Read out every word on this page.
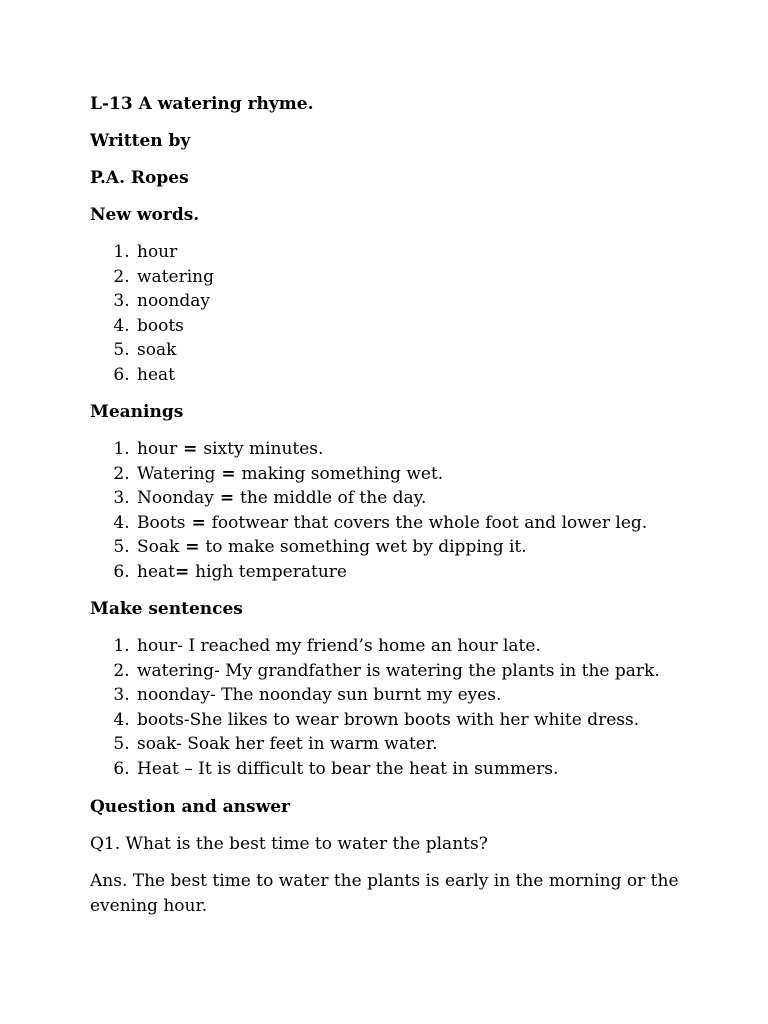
L-13 A watering rhyme.
Written by
P.A. Ropes
New words.
1. hour
2. watering
3. noonday
4. boots
5. soak
6. heat
Meanings
1. hour = sixty minutes.
2. Watering = making something wet.
3. Noonday = the middle of the day.
4. Boots = footwear that covers the whole foot and lower leg.
5. Soak = to make something wet by dipping it.
6. heat= high temperature
Make sentences
1. hour- I reached my friend’s home an hour late.
2. watering- My grandfather is watering the plants in the park.
3. noonday- The noonday sun burnt my eyes.
4. boots-She likes to wear brown boots with her white dress.
5. soak- Soak her feet in warm water.
6. Heat – It is difficult to bear the heat in summers.
Question and answer

Q1. What is the best time to water the plants?

Ans. The best time to water the plants is early in the morning or the evening hour.
